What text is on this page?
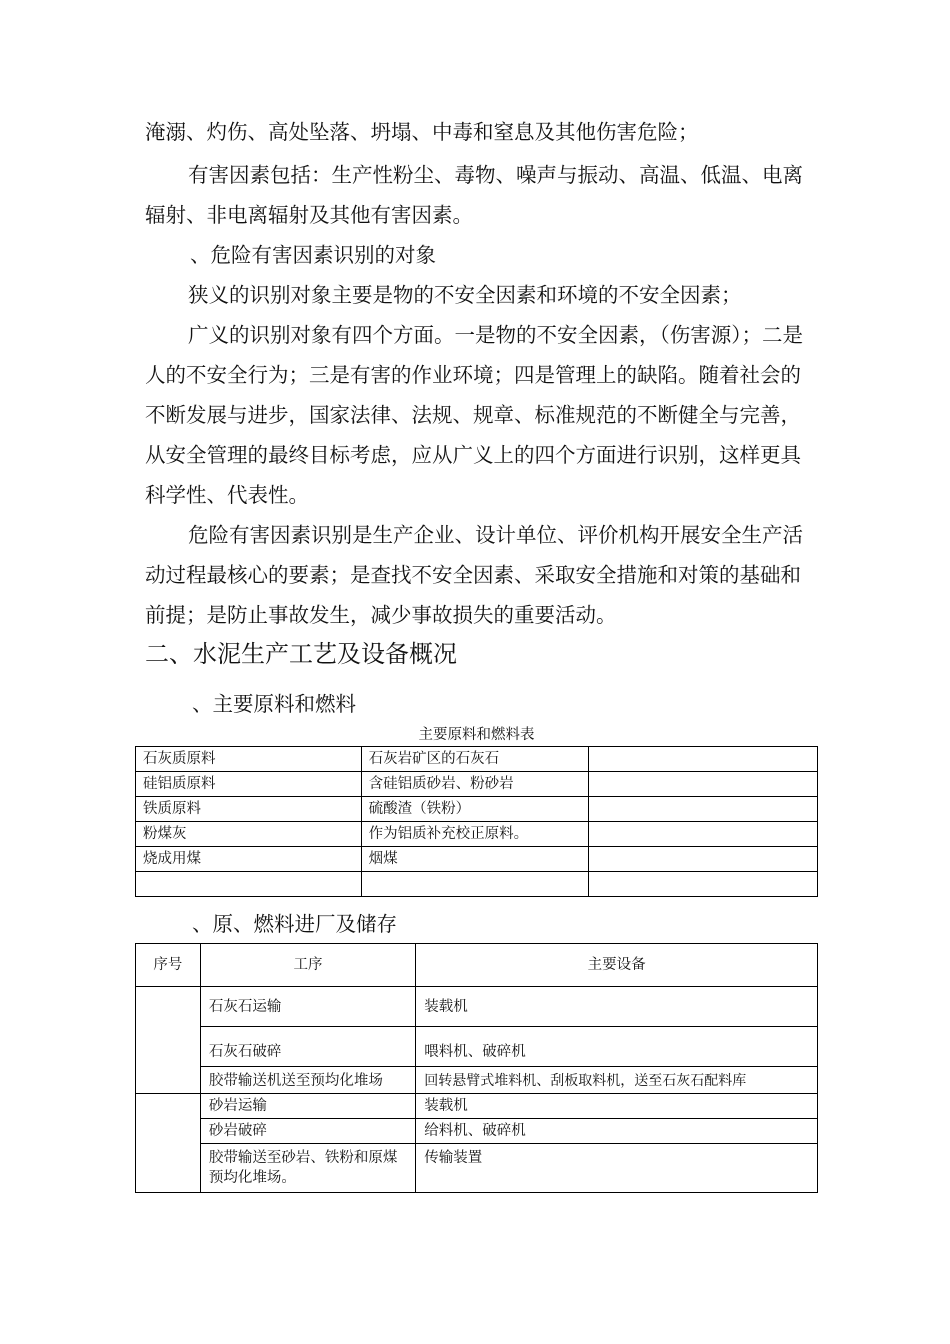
淹溺、灼伤、高处坠落、坍塌、中毒和窒息及其他伤害危险；

有害因素包括：生产性粉尘、毒物、噪声与振动、高温、低温、电离辐射、非电离辐射及其他有害因素。

、危险有害因素识别的对象

狭义的识别对象主要是物的不安全因素和环境的不安全因素；

广义的识别对象有四个方面。一是物的不安全因素，（伤害源）；二是人的不安全行为；三是有害的作业环境；四是管理上的缺陷。随着社会的不断发展与进步，国家法律、法规、规章、标准规范的不断健全与完善，从安全管理的最终目标考虑，应从广义上的四个方面进行识别，这样更具科学性、代表性。

危险有害因素识别是生产企业、设计单位、评价机构开展安全生产活动过程最核心的要素；是查找不安全因素、采取安全措施和对策的基础和前提；是防止事故发生，减少事故损失的重要活动。

二、水泥生产工艺及设备概况
、主要原料和燃料
主要原料和燃料表
石灰质原料	石灰岩矿区的石灰石	
硅铝质原料	含硅铝质砂岩、粉砂岩	
铁质原料	硫酸渣（铁粉）	
粉煤灰	作为铝质补充校正原料。	
烧成用煤	烟煤	

、原、燃料进厂及储存
序号	工序	主要设备
	石灰石运输	装载机
	石灰石破碎	喂料机、破碎机
	胶带输送机送至预均化堆场	回转悬臂式堆料机、刮板取料机，送至石灰石配料库
	砂岩运输	装载机
	砂岩破碎	给料机、破碎机
	胶带输送至砂岩、铁粉和原煤预均化堆场。	传输装置
